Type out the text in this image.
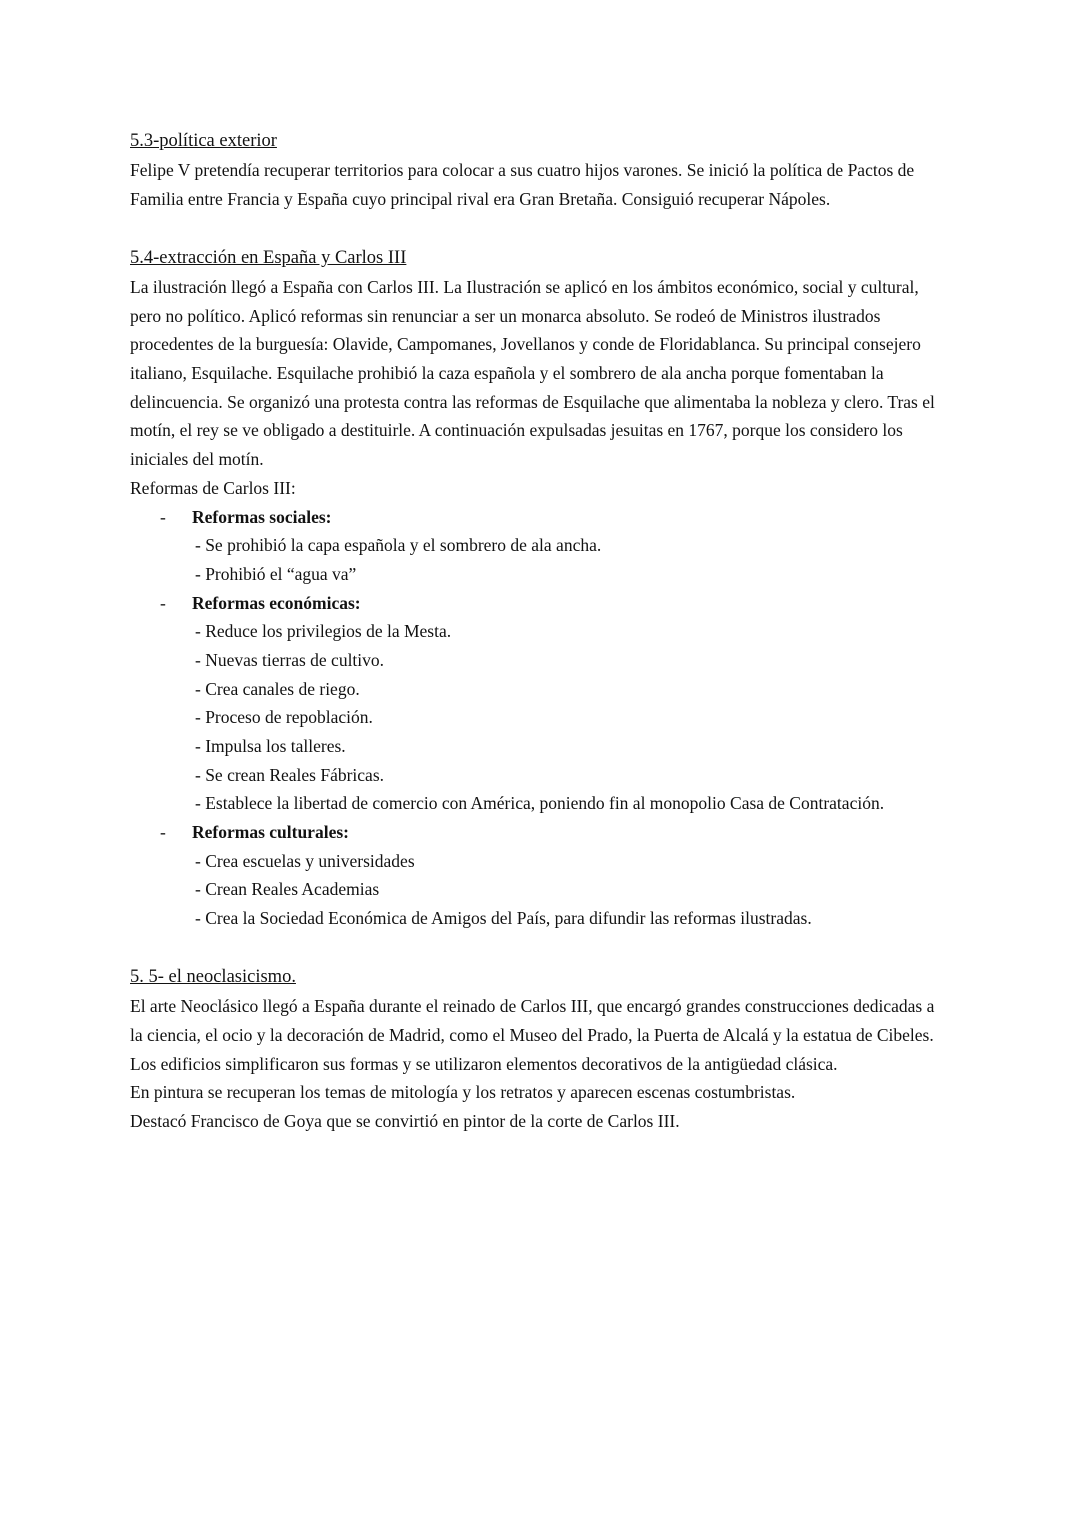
5.3-política exterior

Felipe V pretendía recuperar territorios para colocar a sus cuatro hijos varones. Se inició la política de Pactos de Familia entre Francia y España cuyo principal rival era Gran Bretaña. Consiguió recuperar Nápoles.

5.4-extracción en España y Carlos III

La ilustración llegó a España con Carlos III. La Ilustración se aplicó en los ámbitos económico, social y cultural, pero no político. Aplicó reformas sin renunciar a ser un monarca absoluto. Se rodeó de Ministros ilustrados procedentes de la burguesía: Olavide, Campomanes, Jovellanos y conde de Floridablanca. Su principal consejero italiano, Esquilache. Esquilache prohibió la caza española y el sombrero de ala ancha porque fomentaban la delincuencia. Se organizó una protesta contra las reformas de Esquilache que alimentaba la nobleza y clero. Tras el motín, el rey se ve obligado a destituirle. A continuación expulsadas jesuitas en 1767, porque los considero los iniciales del motín.

Reformas de Carlos III:

-	Reformas sociales:
- Se prohibió la capa española y el sombrero de ala ancha.
- Prohibió el “agua va”
-	Reformas económicas:
- Reduce los privilegios de la Mesta.
- Nuevas tierras de cultivo.
- Crea canales de riego.
- Proceso de repoblación.
- Impulsa los talleres.
- Se crean Reales Fábricas.
- Establece la libertad de comercio con América, poniendo fin al monopolio Casa de Contratación.
-	Reformas culturales:
- Crea escuelas y universidades
- Crean Reales Academias
- Crea la Sociedad Económica de Amigos del País, para difundir las reformas ilustradas.
5. 5- el neoclasicismo.

El arte Neoclásico llegó a España durante el reinado de Carlos III, que encargó grandes construcciones dedicadas a la ciencia, el ocio y la decoración de Madrid, como el Museo del Prado, la Puerta de Alcalá y la estatua de Cibeles. Los edificios simplificaron sus formas y se utilizaron elementos decorativos de la antigüedad clásica.

En pintura se recuperan los temas de mitología y los retratos y aparecen escenas costumbristas.

Destacó Francisco de Goya que se convirtió en pintor de la corte de Carlos III.
